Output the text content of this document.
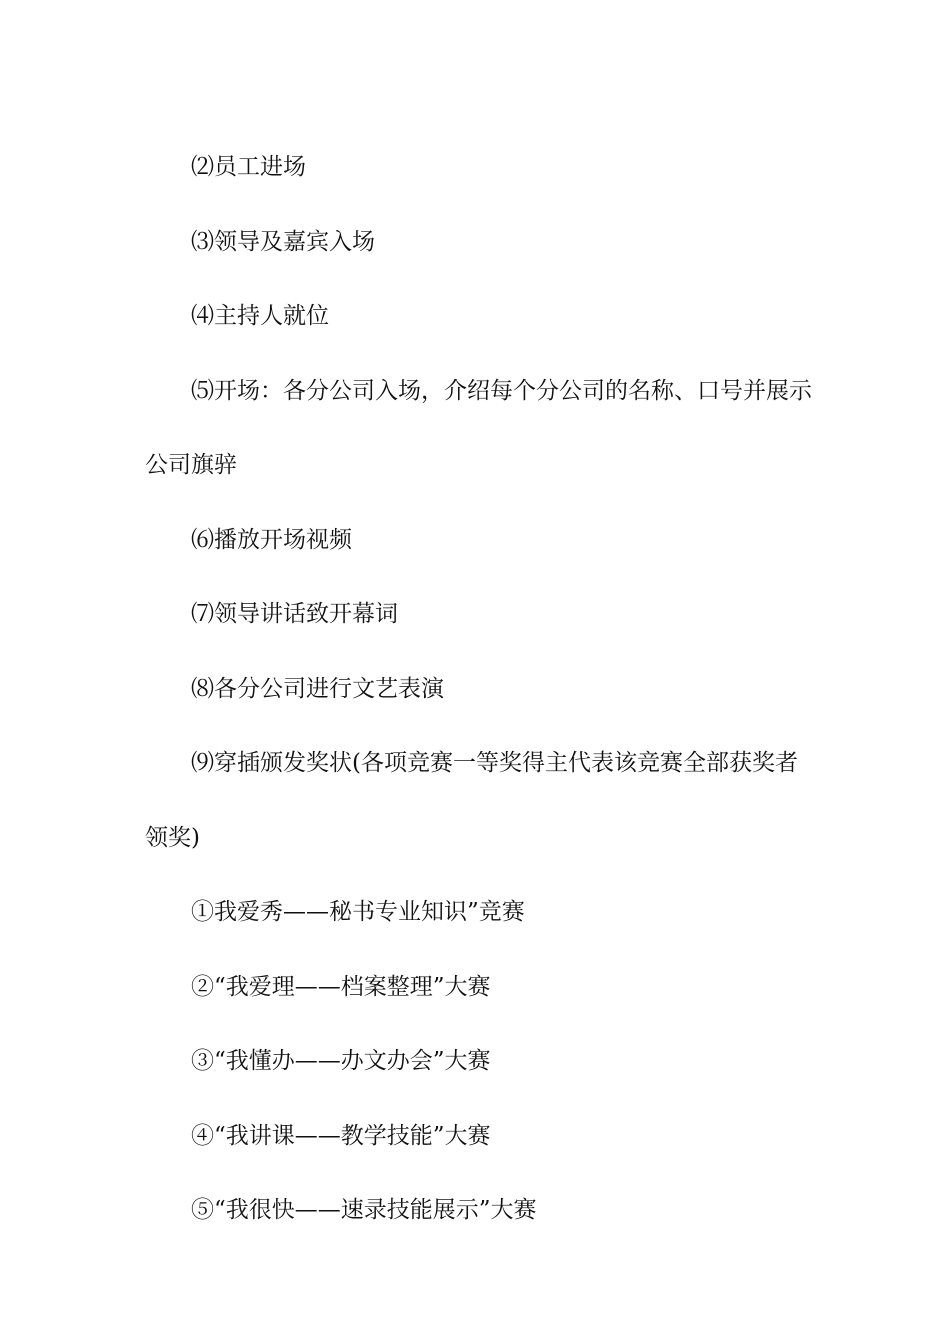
⑵员工进场

⑶领导及嘉宾入场

⑷主持人就位

⑸开场：各分公司入场，介绍每个分公司的名称、口号并展示公司旗骍

⑹播放开场视频

⑺领导讲话致开幕词

⑻各分公司进行文艺表演

⑼穿插颁发奖状(各项竞赛一等奖得主代表该竞赛全部获奖者领奖)

①我爱秀——秘书专业知识”竞赛

②“我爱理——档案整理”大赛

③“我懂办——办文办会”大赛

④“我讲课——教学技能”大赛

⑤“我很快——速录技能展示”大赛
